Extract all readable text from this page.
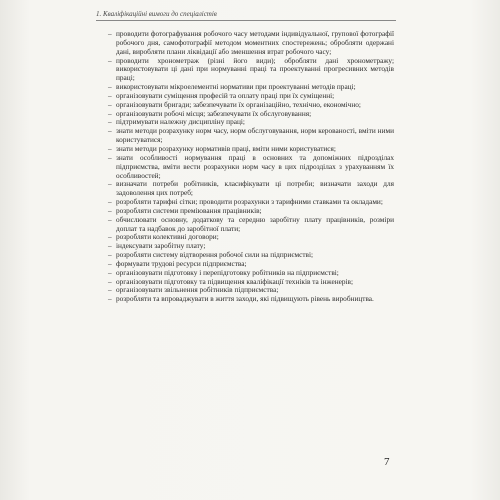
1. Кваліфікаційні вимоги до спеціалістів
– проводити фотографування робочого часу методами індивідуальної, групової фотографії робочого дня, самофотографії методом моментних спостережень; обробляти одержані дані, виробляти плани ліквідації або зменшення втрат робочого часу;
– проводити хронометраж (різні його види); обробляти дані хронометражу; використовувати ці дані при нормуванні праці та проектуванні прогресивних методів праці;
– використовувати мікроелементні нормативи при проектуванні методів праці;
– організовувати суміщення професій та оплату праці при їх суміщенні;
– організовувати бригади; забезпечувати їх організаційно, технічно, економічно;
– організовувати робочі місця; забезпечувати їх обслуговування;
– підтримувати належну дисципліну праці;
– знати методи розрахунку норм часу, норм обслуговування, норм керованості, вміти ними користуватися;
– знати методи розрахунку нормативів праці, вміти ними користуватися;
– знати особливості нормування праці в основних та допоміжних підрозділах підприємства, вміти вести розрахунки норм часу в цих підрозділах з урахуванням їх особливостей;
– визначати потреби робітників, класифікувати ці потреби; визначати заходи для задоволення цих потреб;
– розробляти тарифні сітки; проводити розрахунки з тарифними ставками та окладами;
– розробляти системи преміювання працівників;
– обчислювати основну, додаткову та середню заробітну плату працівників, розміри доплат та надбавок до заробітної плати;
– розробляти колективні договори;
– індексувати заробітну плату;
– розробляти систему відтворення робочої сили на підприємстві;
– формувати трудові ресурси підприємства;
– організовувати підготовку і перепідготовку робітників на підприємстві;
– організовувати підготовку та підвищення кваліфікації техніків та інженерів;
– організовувати звільнення робітників підприємства;
– розробляти та впроваджувати в життя заходи, які підвищують рівень виробництва.
7
